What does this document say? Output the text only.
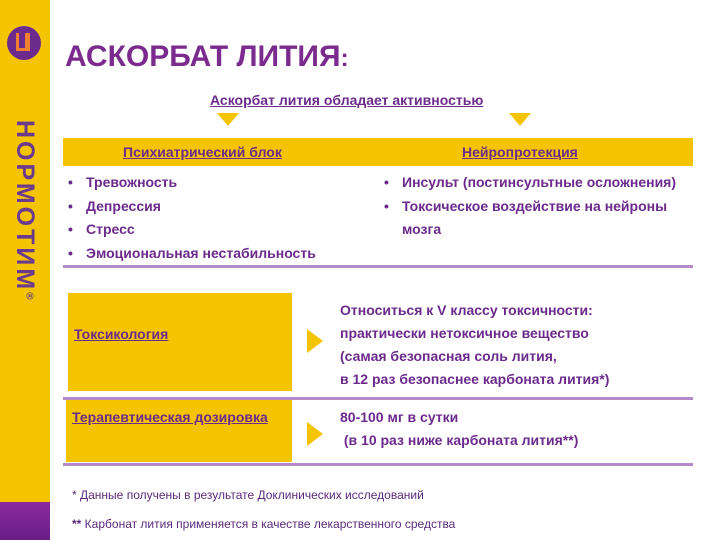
НОРМОТИМ®
АСКОРБАТ ЛИТИЯ:
Аскорбат лития обладает активностью
Психиатрический блок	Нейропротекция
• Тревожность
• Депрессия
• Стресс
• Эмоциональная нестабильность
• Инсульт (постинсультные осложнения)
• Токсическое воздействие на нейроны мозга
Токсикология
Относиться к V классу токсичности:
практически нетоксичное вещество
(самая безопасная соль лития,
в 12 раз безопаснее карбоната лития*)
Терапевтическая дозировка	80-100 мг в сутки
(в 10 раз ниже карбоната лития**)
* Данные получены в результате Доклинических исследований
** Карбонат лития применяется в качестве лекарственного средства
